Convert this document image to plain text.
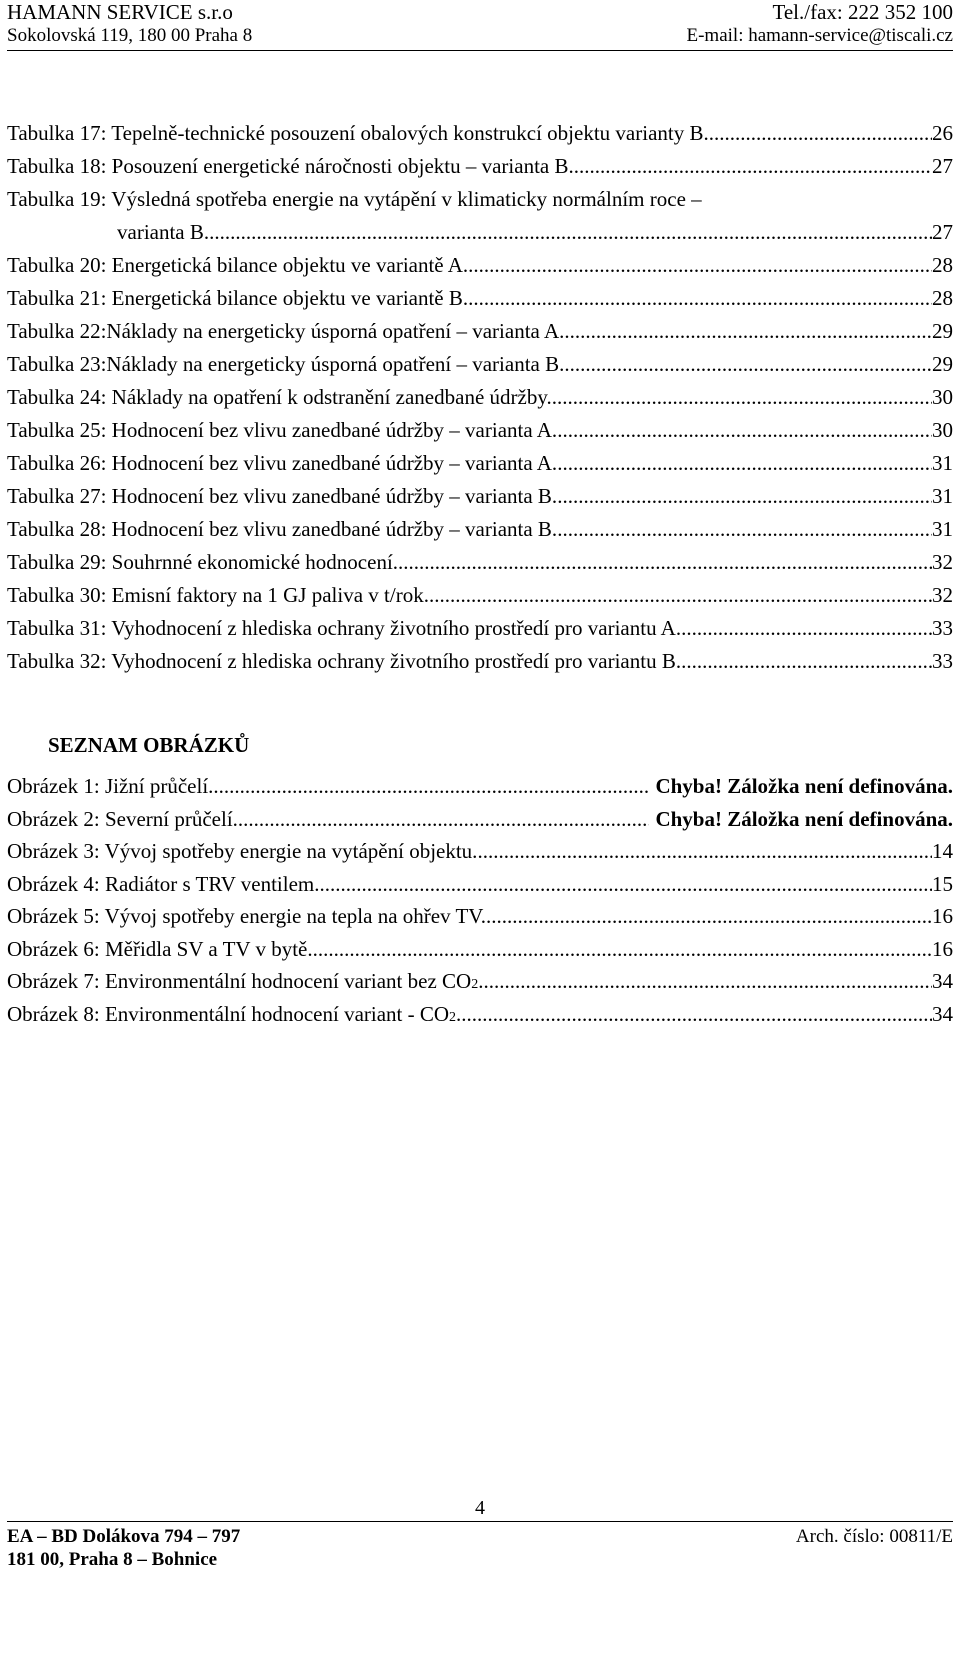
HAMANN SERVICE s.r.o	Tel./fax: 222 352 100
Sokolovská 119, 180 00 Praha 8	E-mail: hamann-service@tiscali.cz
Tabulka 17: Tepelně-technické posouzení obalových konstrukcí objektu varianty B. .....	26
Tabulka 18: Posouzení energetické náročnosti objektu – varianta B. .....	27
Tabulka 19: Výsledná spotřeba energie na vytápění v klimaticky normálním roce –
varianta B. .....	27
Tabulka 20: Energetická bilance objektu ve variantě A. .....	28
Tabulka 21: Energetická bilance objektu ve variantě B. .....	28
Tabulka 22:Náklady na energeticky úsporná opatření – varianta A. .....	29
Tabulka 23:Náklady na energeticky úsporná opatření – varianta B. .....	29
Tabulka 24: Náklady na opatření k odstranění zanedbané údržby. .....	30
Tabulka 25: Hodnocení bez vlivu zanedbané údržby – varianta A. .....	30
Tabulka 26: Hodnocení bez vlivu zanedbané údržby – varianta A. .....	31
Tabulka 27: Hodnocení bez vlivu zanedbané údržby – varianta B. .....	31
Tabulka 28: Hodnocení bez vlivu zanedbané údržby – varianta B. .....	31
Tabulka 29: Souhrnné ekonomické hodnocení. .....	32
Tabulka 30: Emisní faktory na 1 GJ paliva v t/rok .....	32
Tabulka 31: Vyhodnocení z hlediska ochrany životního prostředí pro variantu A. .....	33
Tabulka 32: Vyhodnocení z hlediska ochrany životního prostředí pro variantu B. .....	33
SEZNAM OBRÁZKŮ
Obrázek 1: Jižní průčelí. .....	Chyba! Záložka není definována.
Obrázek 2: Severní průčelí. .....	Chyba! Záložka není definována.
Obrázek 3: Vývoj spotřeby energie na vytápění objektu. .....	14
Obrázek 4: Radiátor s TRV ventilem. .....	15
Obrázek 5: Vývoj spotřeby energie na tepla na ohřev TV. .....	16
Obrázek 6: Měřidla SV a TV v bytě. .....	16
Obrázek 7: Environmentální hodnocení variant bez CO 2 . .....	34
Obrázek 8: Environmentální hodnocení variant - CO 2 . .....	34
4
EA – BD Dolákova 794 – 797	Arch. číslo: 00811/E
181 00, Praha 8 – Bohnice
